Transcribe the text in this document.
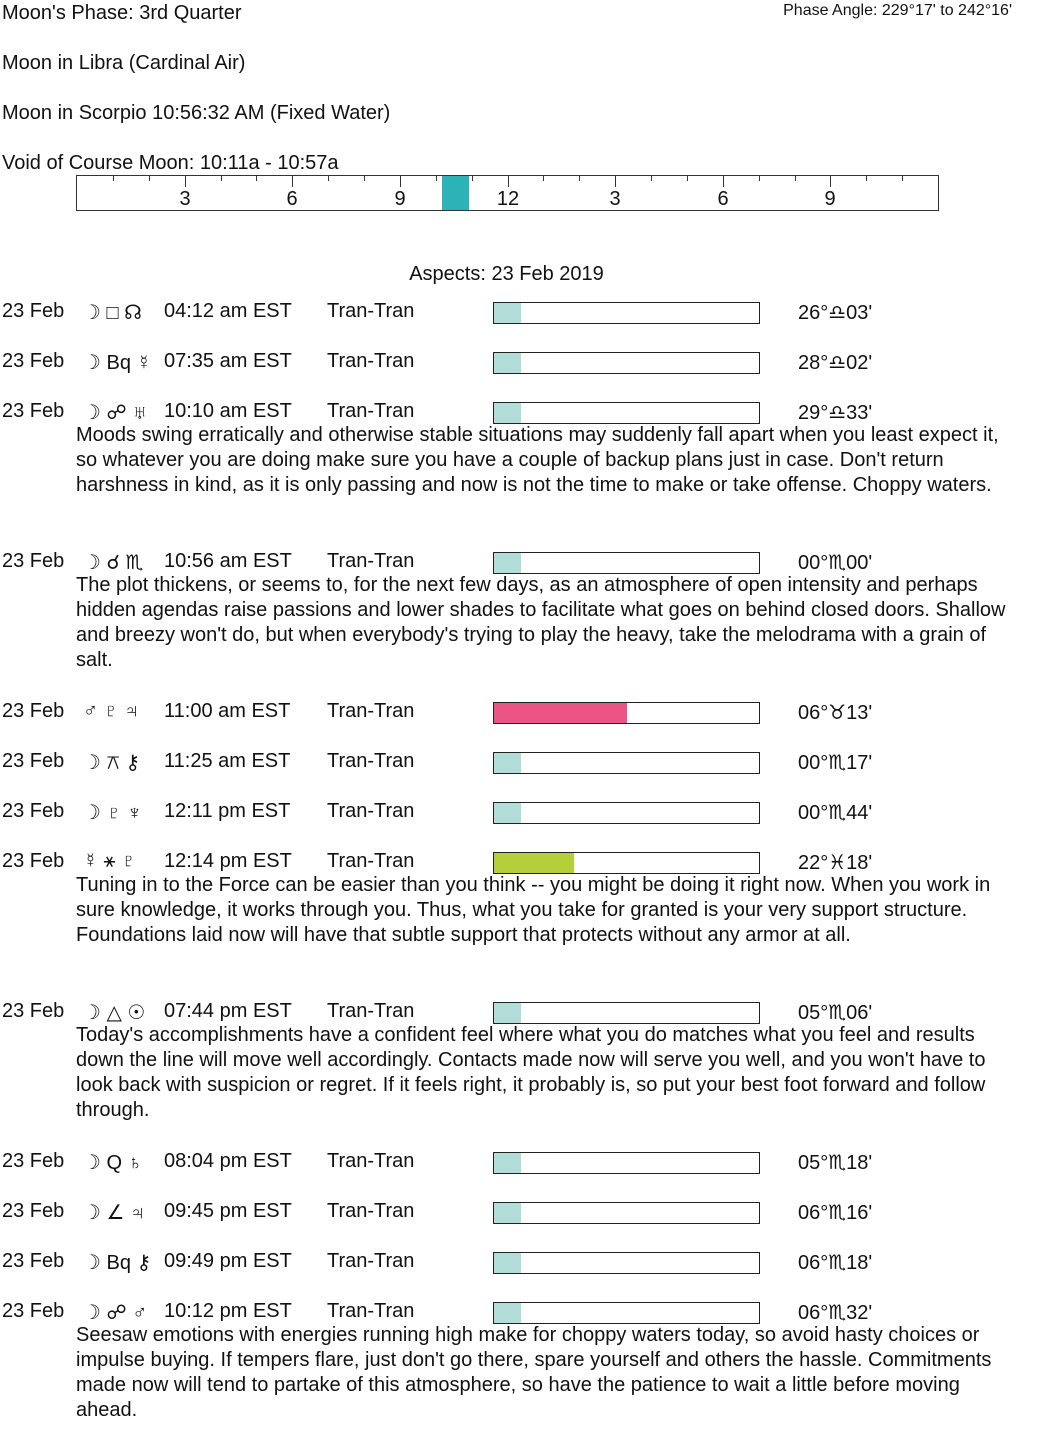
Moon's Phase: 3rd Quarter	Phase Angle: 229°17' to 242°16'
Moon in Libra (Cardinal Air)
Moon in Scorpio 10:56:32 AM (Fixed Water)
Void of Course Moon: 10:11a - 10:57a
3	6	9	12	3	6	9
Aspects: 23 Feb 2019
23 Feb ☽ □ ☊ 04:12 am EST Tran-Tran	26°♎03'
23 Feb ☽ Bq ☿ 07:35 am EST Tran-Tran	28°♎02'
23 Feb ☽ ☍ ♅ 10:10 am EST Tran-Tran	29°♎33'
Moods swing erratically and otherwise stable situations may suddenly fall apart when you least expect it, so whatever you are doing make sure you have a couple of backup plans just in case. Don't return harshness in kind, as it is only passing and now is not the time to make or take offense. Choppy waters.
23 Feb ☽ ☌ ♏ 10:56 am EST Tran-Tran	00°♏00'
The plot thickens, or seems to, for the next few days, as an atmosphere of open intensity and perhaps hidden agendas raise passions and lower shades to facilitate what goes on behind closed doors. Shallow and breezy won't do, but when everybody's trying to play the heavy, take the melodrama with a grain of salt.
23 Feb ♂ ♇ ♃ 11:00 am EST Tran-Tran	06°♉13'
23 Feb ☽ ⚻ ⚷ 11:25 am EST Tran-Tran	00°♏17'
23 Feb ☽ ♇ ♆ 12:11 pm EST Tran-Tran	00°♏44'
23 Feb ☿ ⚹ ♇ 12:14 pm EST Tran-Tran	22°♓18'
Tuning in to the Force can be easier than you think -- you might be doing it right now. When you work in sure knowledge, it works through you. Thus, what you take for granted is your very support structure. Foundations laid now will have that subtle support that protects without any armor at all.
23 Feb ☽ △ ☉ 07:44 pm EST Tran-Tran	05°♏06'
Today's accomplishments have a confident feel where what you do matches what you feel and results down the line will move well accordingly. Contacts made now will serve you well, and you won't have to look back with suspicion or regret. If it feels right, it probably is, so put your best foot forward and follow through.
23 Feb ☽ Q ♄ 08:04 pm EST Tran-Tran	05°♏18'
23 Feb ☽ ∠ ♃ 09:45 pm EST Tran-Tran	06°♏16'
23 Feb ☽ Bq ⚷ 09:49 pm EST Tran-Tran	06°♏18'
23 Feb ☽ ☍ ♂ 10:12 pm EST Tran-Tran	06°♏32'
Seesaw emotions with energies running high make for choppy waters today, so avoid hasty choices or impulse buying. If tempers flare, just don't go there, spare yourself and others the hassle. Commitments made now will tend to partake of this atmosphere, so have the patience to wait a little before moving ahead.
